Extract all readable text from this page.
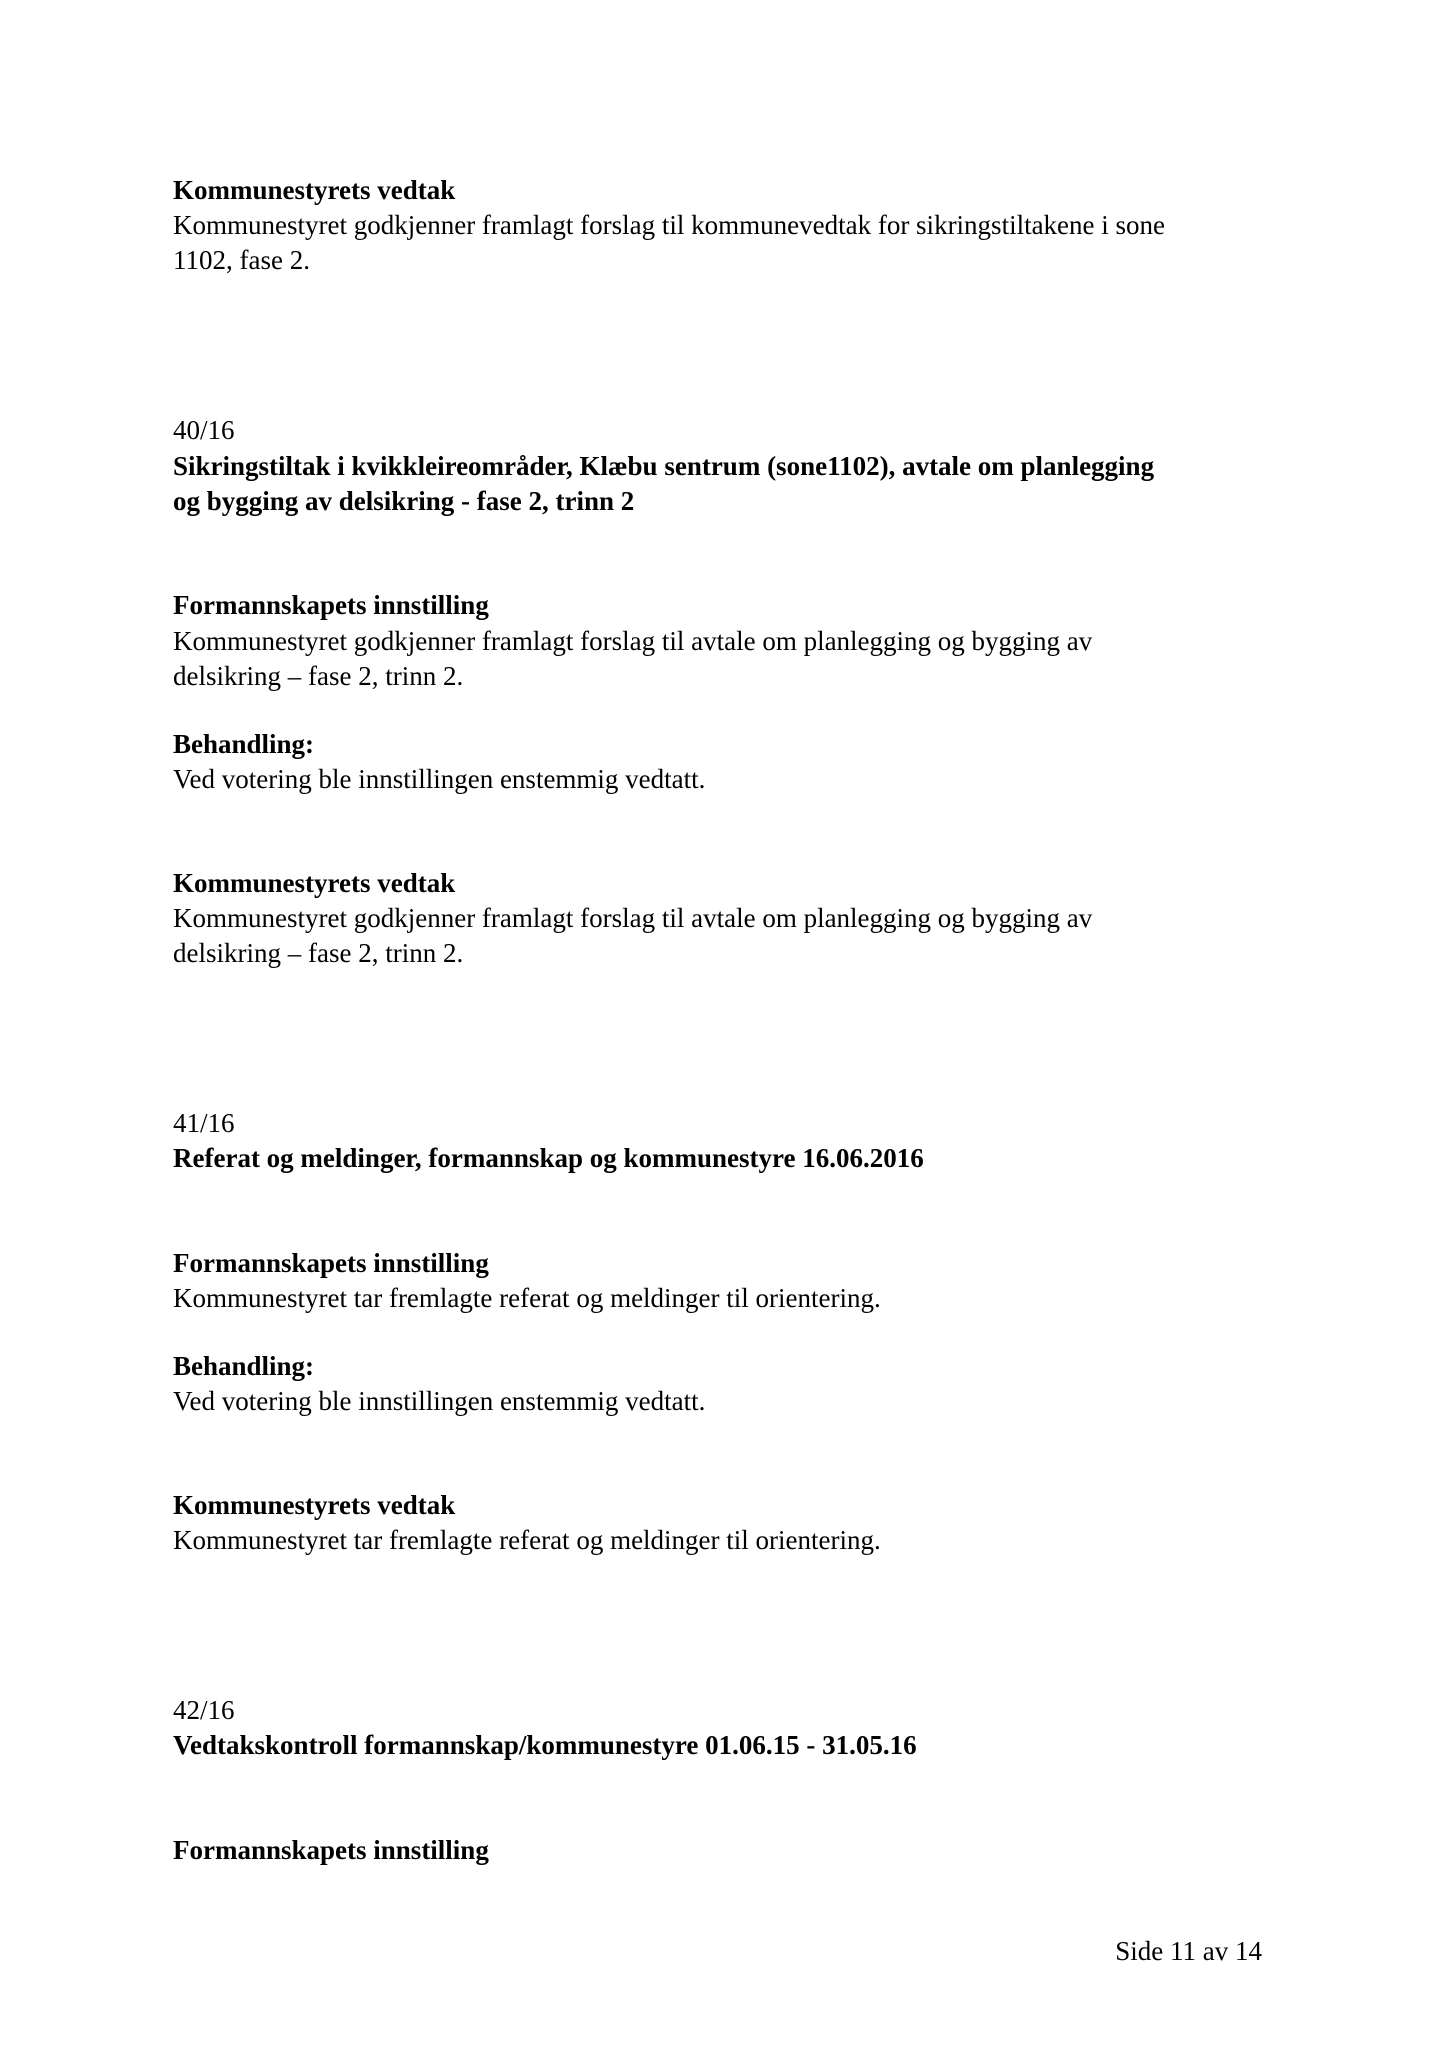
Kommunestyrets vedtak
Kommunestyret godkjenner framlagt forslag til kommunevedtak for sikringstiltakene i sone
1102, fase 2.
40/16
Sikringstiltak i kvikkleireområder, Klæbu sentrum (sone1102), avtale om planlegging
og bygging av delsikring - fase 2, trinn 2
Formannskapets innstilling
Kommunestyret godkjenner framlagt forslag til avtale om planlegging og bygging av
delsikring – fase 2, trinn 2.
Behandling:
Ved votering ble innstillingen enstemmig vedtatt.
Kommunestyrets vedtak
Kommunestyret godkjenner framlagt forslag til avtale om planlegging og bygging av
delsikring – fase 2, trinn 2.
41/16
Referat og meldinger, formannskap og kommunestyre 16.06.2016
Formannskapets innstilling
Kommunestyret tar fremlagte referat og meldinger til orientering.
Behandling:
Ved votering ble innstillingen enstemmig vedtatt.
Kommunestyrets vedtak
Kommunestyret tar fremlagte referat og meldinger til orientering.
42/16
Vedtakskontroll formannskap/kommunestyre 01.06.15 - 31.05.16
Formannskapets innstilling
Side 11 av 14
